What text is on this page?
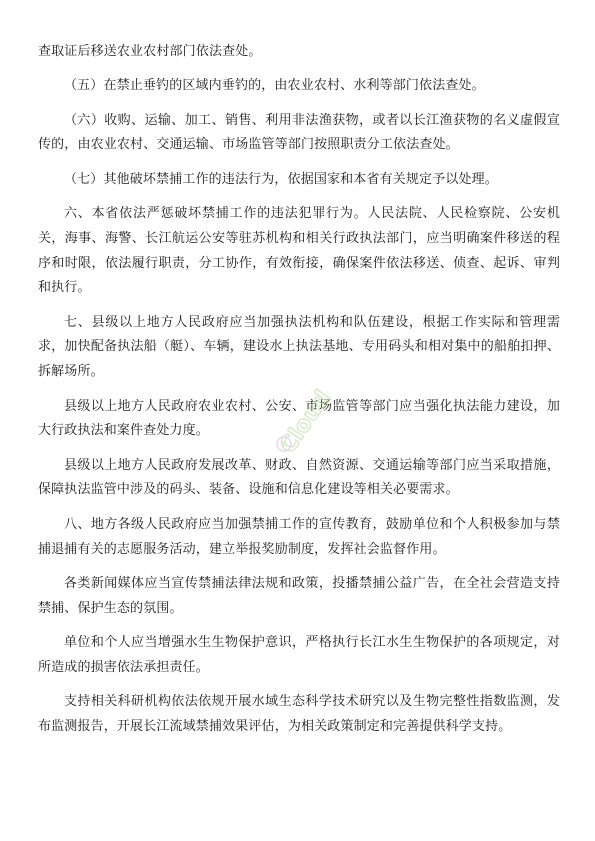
查取证后移送农业农村部门依法查处。

（五）在禁止垂钓的区域内垂钓的，由农业农村、水利等部门依法查处。

（六）收购、运输、加工、销售、利用非法渔获物，或者以长江渔获物的名义虚假宣传的，由农业农村、交通运输、市场监管等部门按照职责分工依法查处。

（七）其他破坏禁捕工作的违法行为，依据国家和本省有关规定予以处理。

六、本省依法严惩破坏禁捕工作的违法犯罪行为。人民法院、人民检察院、公安机关，海事、海警、长江航运公安等驻苏机构和相关行政执法部门，应当明确案件移送的程序和时限，依法履行职责，分工协作，有效衔接，确保案件依法移送、侦查、起诉、审判和执行。

七、县级以上地方人民政府应当加强执法机构和队伍建设，根据工作实际和管理需求，加快配备执法船（艇）、车辆，建设水上执法基地、专用码头和相对集中的船舶扣押、拆解场所。

县级以上地方人民政府农业农村、公安、市场监管等部门应当强化执法能力建设，加大行政执法和案件查处力度。

县级以上地方人民政府发展改革、财政、自然资源、交通运输等部门应当采取措施，保障执法监管中涉及的码头、装备、设施和信息化建设等相关必要需求。

八、地方各级人民政府应当加强禁捕工作的宣传教育，鼓励单位和个人积极参加与禁捕退捕有关的志愿服务活动，建立举报奖励制度，发挥社会监督作用。

各类新闻媒体应当宣传禁捕法律法规和政策，投播禁捕公益广告，在全社会营造支持禁捕、保护生态的氛围。

单位和个人应当增强水生生物保护意识，严格执行长江水生生物保护的各项规定，对所造成的损害依法承担责任。

支持相关科研机构依法依规开展水域生态科学技术研究以及生物完整性指数监测，发布监测报告，开展长江流域禁捕效果评估，为相关政策制定和完善提供科学支持。

Cloud
